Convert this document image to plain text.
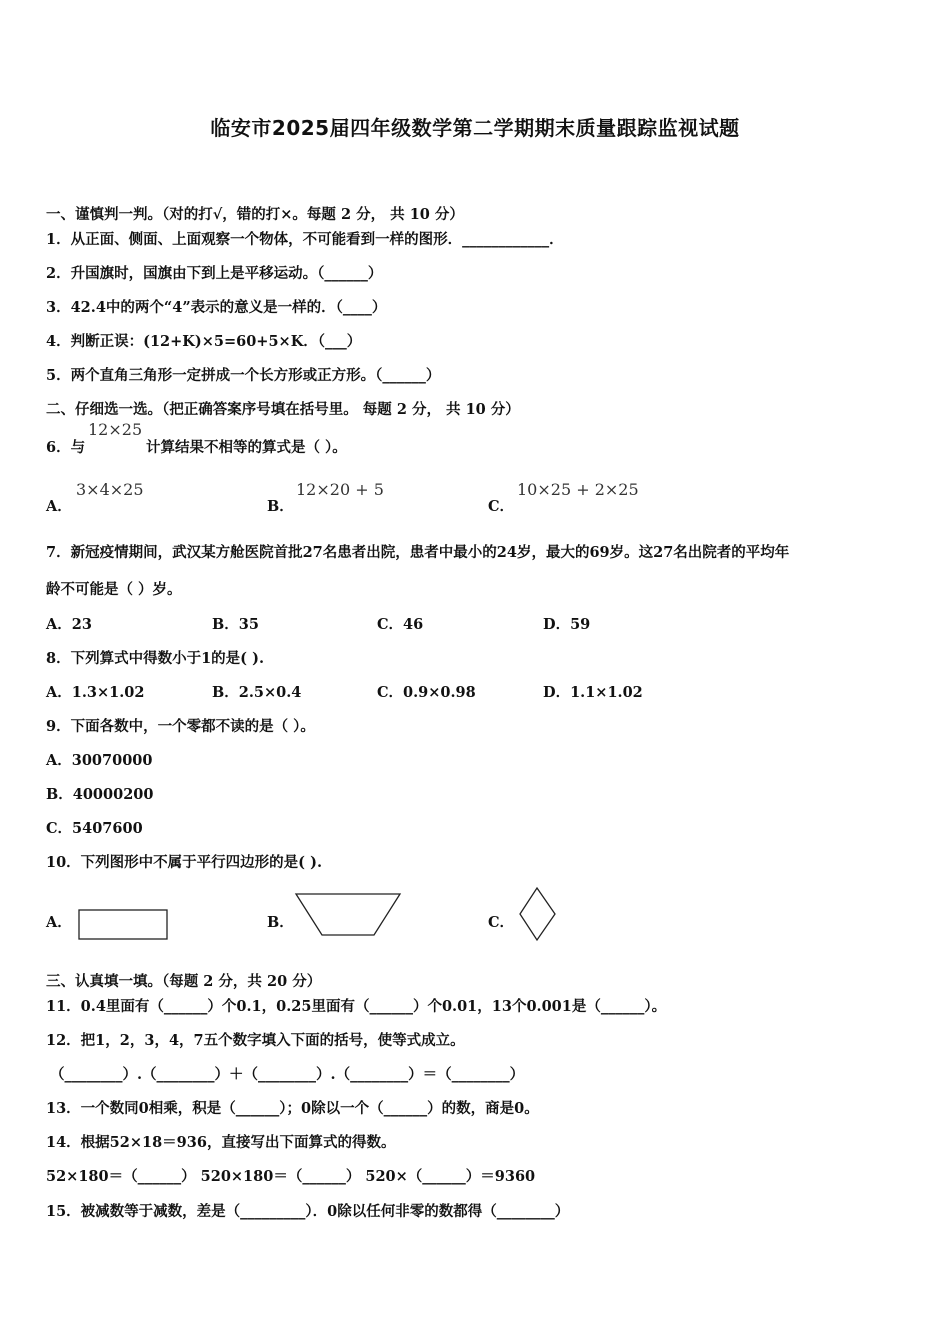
临安市2025届四年级数学第二学期期末质量跟踪监视试题
一、谨慎判一判。（对的打√，错的打×。每题 2 分， 共 10 分）
1．从正面、侧面、上面观察一个物体，不可能看到一样的图形．____________．
2．升国旗时，国旗由下到上是平移运动。（______）
3．42.4中的两个“4”表示的意义是一样的．（____）
4．判断正误：(12+K)×5=60+5×K．（___）
5．两个直角三角形一定拼成一个长方形或正方形。（______）
二、仔细选一选。（把正确答案序号填在括号里。 每题 2 分， 共 10 分）
6．与
12×25
计算结果不相等的算式是（ ）。
A．
3×4×25
B．
12×20 + 5
C．
10×25 + 2×25
7．新冠疫情期间，武汉某方舱医院首批27名患者出院，患者中最小的24岁，最大的69岁。这27名出院者的平均年
龄不可能是（ ）岁。
A．23	B．35	C．46	D．59
8．下列算式中得数小于1的是( ).
A．1.3×1.02	B．2.5×0.4	C．0.9×0.98	D．1.1×1.02
9．下面各数中，一个零都不读的是（ ）。
A．30070000
B．40000200
C．5407600
10．下列图形中不属于平行四边形的是( ).
A．	B．	C．
三、认真填一填。（每题 2 分，共 20 分）
11．0.4里面有（______）个0.1，0.25里面有（______）个0.01，13个0.001是（______）。
12．把1，2，3，4，7五个数字填入下面的括号，使等式成立。
（________）.（________）＋（________）.（________）＝（________）
13．一个数同0相乘，积是（______）；0除以一个（______）的数，商是0。
14．根据52×18＝936，直接写出下面算式的得数。
52×180＝（______） 520×180＝（______） 520×（______）＝9360
15．被减数等于减数，差是（_________）．0除以任何非零的数都得（________）
